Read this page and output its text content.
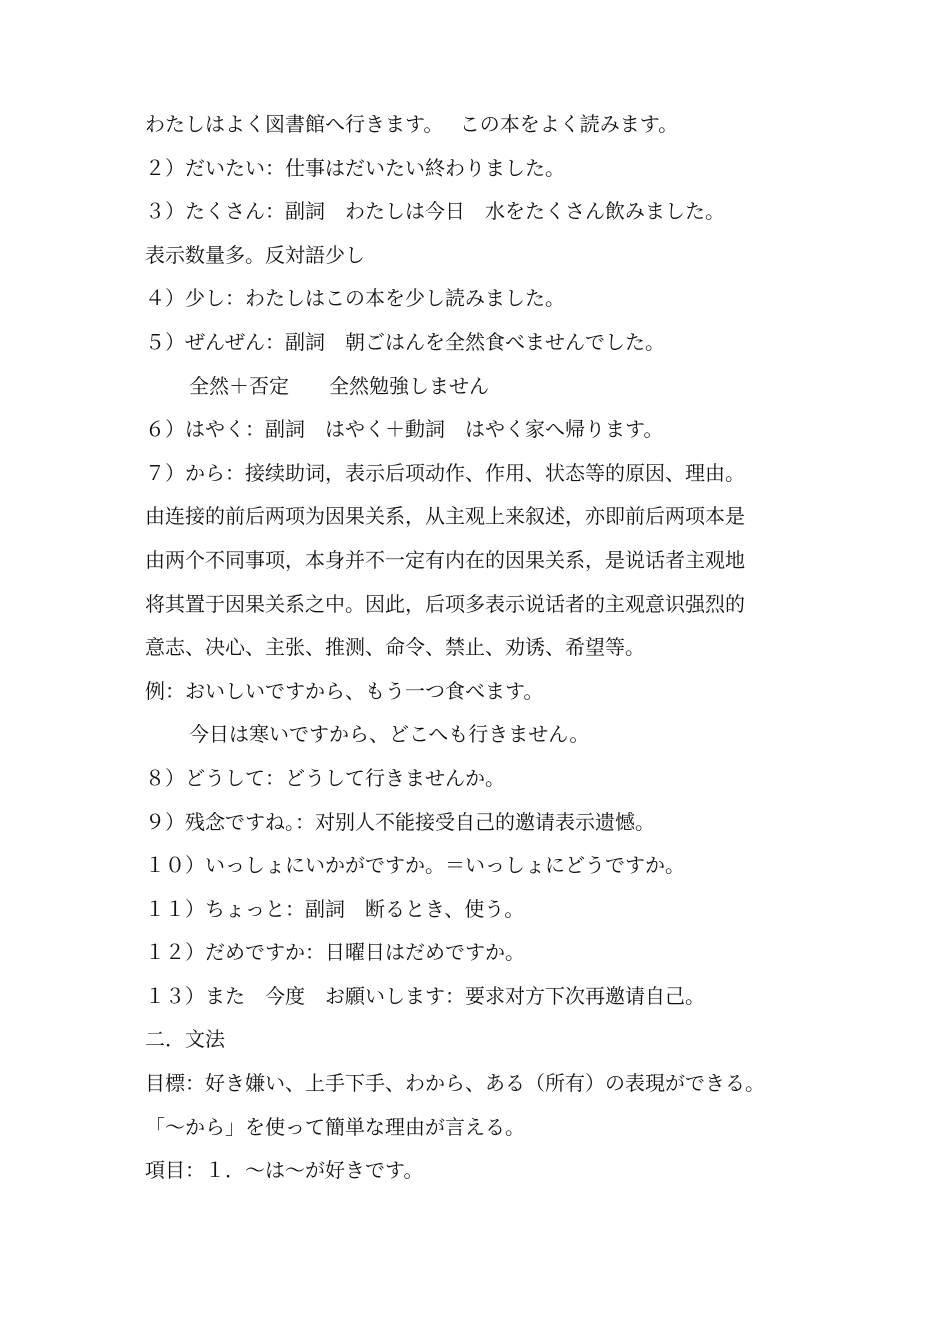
わたしはよく図書館へ行きます。　 この本をよく読みます。
２）だいたい：仕事はだいたい終わりました。
３）たくさん：副詞　わたしは今日　水をたくさん飲みました。
表示数量多。反対語少し
４）少し：わたしはこの本を少し読みました。
５）ぜんぜん：副詞　朝ごはんを全然食べませんでした。
全然＋否定　　全然勉強しません
６）はやく：副詞　はやく＋動詞　はやく家へ帰ります。
７）から：接续助词，表示后项动作、作用、状态等的原因、理由。
由连接的前后两项为因果关系，从主观上来叙述，亦即前后两项本是
由两个不同事项，本身并不一定有内在的因果关系，是说话者主观地
将其置于因果关系之中。因此，后项多表示说话者的主观意识强烈的
意志、决心、主张、推测、命令、禁止、劝诱、希望等。
例：おいしいですから、もう一つ食べます。
今日は寒いですから、どこへも行きません。
８）どうして：どうして行きませんか。
９）残念ですね。：对别人不能接受自己的邀请表示遗憾。
１０）いっしょにいかがですか。＝いっしょにどうですか。
１１）ちょっと：副詞　断るとき、使う。
１２）だめですか：日曜日はだめですか。
１３）また　今度　お願いします：要求对方下次再邀请自己。
二．文法
目標：好き嫌い、上手下手、わから、ある（所有）の表現ができる。
「～から」を使って簡単な理由が言える。
項目：１．～は～が好きです。
